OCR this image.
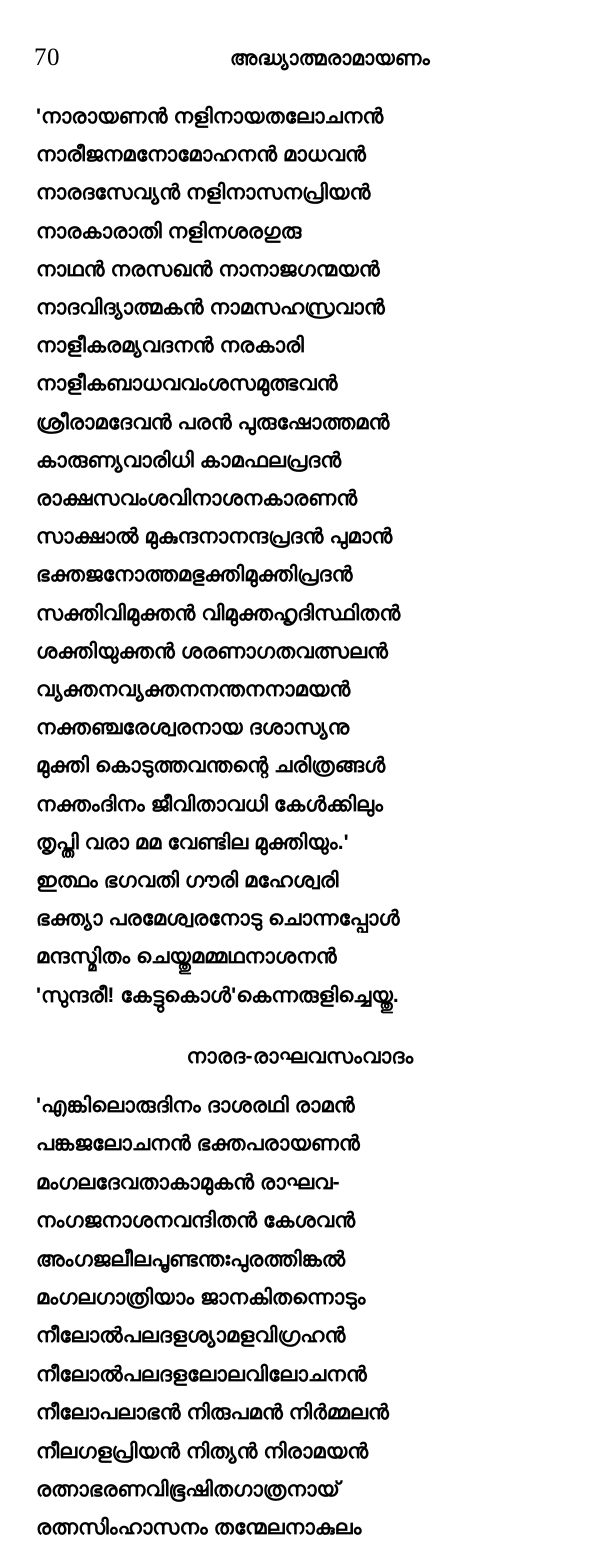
70	അദ്ധ്യാത്മരാമായണം
'നാരായണൻ നളിനായതലോചനൻ
നാരീജനമനോമോഹനൻ മാധവൻ
നാരദസേവ്യൻ നളിനാസനപ്രിയൻ
നാരകാരാതി നളിനശരഗുരു
നാഥൻ നരസഖൻ നാനാജഗന്മയൻ
നാദവിദ്യാത്മകൻ നാമസഹസ്രവാൻ
നാളീകരമ്യവദനൻ നരകാരി
നാളീകബാധവവംശസമുത്ഭവൻ
ശ്രീരാമദേവൻ പരൻ പുരുഷോത്തമൻ
കാരുണ്യവാരിധി കാമഫലപ്രദൻ
രാക്ഷസവംശവിനാശനകാരണൻ
സാക്ഷാൽ മുകുന്ദനാനന്ദപ്രദൻ പുമാൻ
ഭക്തജനോത്തമഭുക്തിമുക്തിപ്രദൻ
സക്തിവിമുക്തൻ വിമുക്തഹൃദിസ്ഥിതൻ
ശക്തിയുക്തൻ ശരണാഗതവത്സലൻ
വ്യക്തനവ്യക്തനനന്തനനാമയൻ
നക്തഞ്ചരേശ്വരനായ ദശാസ്യനു
മുക്തി കൊടുത്തവന്തന്റെ ചരിത്രങ്ങൾ
നക്തംദിനം ജീവിതാവധി കേൾക്കിലും
തൃപ്തി വരാ മമ വേണ്ടില മുക്തിയും.'
ഇത്ഥം ഭഗവതി ഗൗരി മഹേശ്വരി
ഭക്ത്യാ പരമേശ്വരനോടു ചൊന്നപ്പോൾ
മന്ദസ്മിതം ചെയ്തുമമ്മഥനാശനൻ
'സുന്ദരീ! കേട്ടുകൊൾ'കെന്നരുളിച്ചെയ്തു.
നാരദ-രാഘവസംവാദം
'എങ്കിലൊരുദിനം ദാശരഥി രാമൻ
പങ്കജലോചനൻ ഭക്തപരായണൻ
മംഗലദേവതാകാമുകൻ രാഘവ-
നംഗജനാശനവന്ദിതൻ കേശവൻ
അംഗജലീലപൂണ്ടന്തഃപുരത്തിങ്കൽ
മംഗലഗാത്രിയാം ജാനകിതന്നൊടും
നീലോൽപലദളശ്യാമളവിഗ്രഹൻ
നീലോൽപലദളലോലവിലോചനൻ
നീലോപലാഭൻ നിരുപമൻ നിർമ്മലൻ
നീലഗളപ്രിയൻ നിത്യൻ നിരാമയൻ
രത്നാഭരണവിഭൂഷിതഗാത്രനായ്
രത്നസിംഹാസനം തന്മേലനാകുലം
